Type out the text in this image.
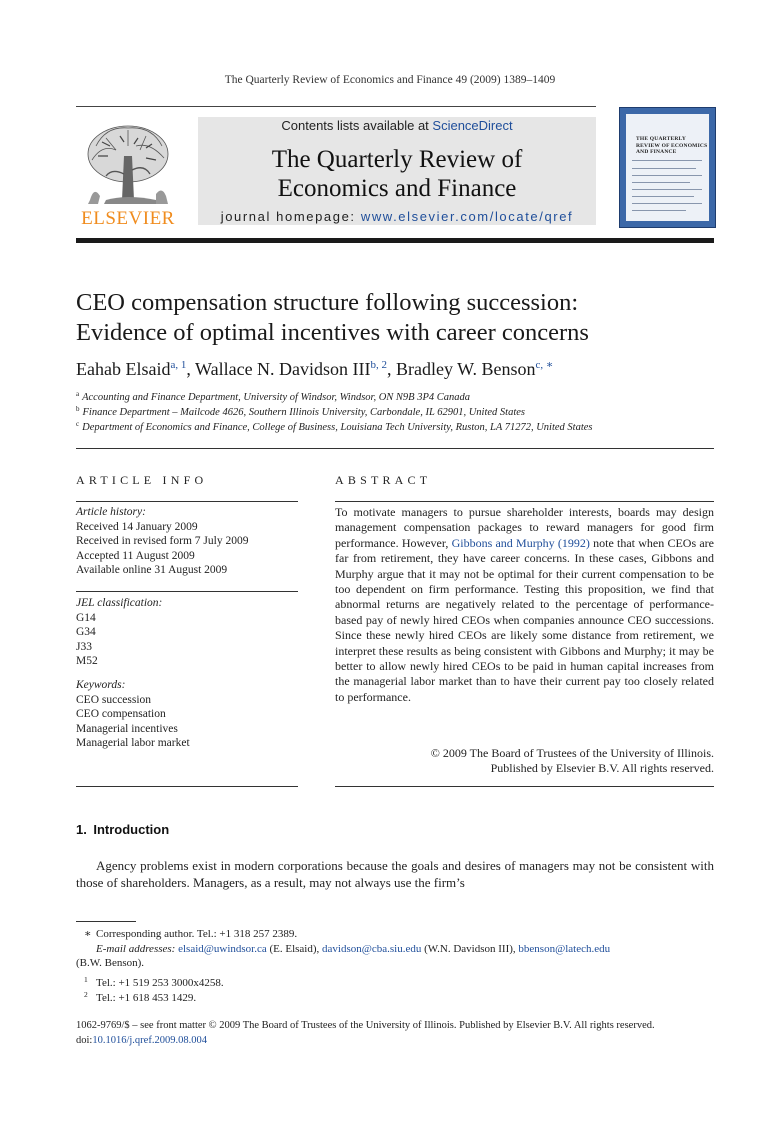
The Quarterly Review of Economics and Finance 49 (2009) 1389–1409
ELSEVIER
Contents lists available at ScienceDirect
The Quarterly Review of
Economics and Finance
journal homepage: www.elsevier.com/locate/qref
THE QUARTERLY REVIEW OF ECONOMICS AND FINANCE
CEO compensation structure following succession:
Evidence of optimal incentives with career concerns
Eahab Elsaid$^{a, 1}$, Wallace N. Davidson III$^{b, 2}$, Bradley W. Benson$^{c, ∗}$
$^a$ Accounting and Finance Department, University of Windsor, Windsor, ON N9B 3P4 Canada
$^b$ Finance Department – Mailcode 4626, Southern Illinois University, Carbondale, IL 62901, United States
$^c$ Department of Economics and Finance, College of Business, Louisiana Tech University, Ruston, LA 71272, United States
ARTICLE INFO
Article history:
Received 14 January 2009
Received in revised form 7 July 2009
Accepted 11 August 2009
Available online 31 August 2009
JEL classification:
G14
G34
J33
M52
Keywords:
CEO succession
CEO compensation
Managerial incentives
Managerial labor market
ABSTRACT
To motivate managers to pursue shareholder interests, boards may design management compensation packages to reward managers for good firm performance. However, Gibbons and Murphy (1992) note that when CEOs are far from retirement, they have career concerns. In these cases, Gibbons and Murphy argue that it may not be optimal for their current compensation to be too dependent on firm performance. Testing this proposition, we find that abnormal returns are negatively related to the percentage of performance-based pay of newly hired CEOs when companies announce CEO successions. Since these newly hired CEOs are likely some distance from retirement, we interpret these results as being consistent with Gibbons and Murphy; it may be better to allow newly hired CEOs to be paid in human capital increases from the managerial labor market than to have their current pay too closely related to performance.
© 2009 The Board of Trustees of the University of Illinois.
Published by Elsevier B.V. All rights reserved.
1. Introduction
Agency problems exist in modern corporations because the goals and desires of managers may not be consistent with those of shareholders. Managers, as a result, may not always use the firm’s
∗ Corresponding author. Tel.: +1 318 257 2389.
E-mail addresses: elsaid@uwindsor.ca (E. Elsaid), davidson@cba.siu.edu (W.N. Davidson III), bbenson@latech.edu
(B.W. Benson).
$^1$ Tel.: +1 519 253 3000x4258.
$^2$ Tel.: +1 618 453 1429.
1062-9769/$ – see front matter © 2009 The Board of Trustees of the University of Illinois. Published by Elsevier B.V. All rights reserved.
doi:10.1016/j.qref.2009.08.004
